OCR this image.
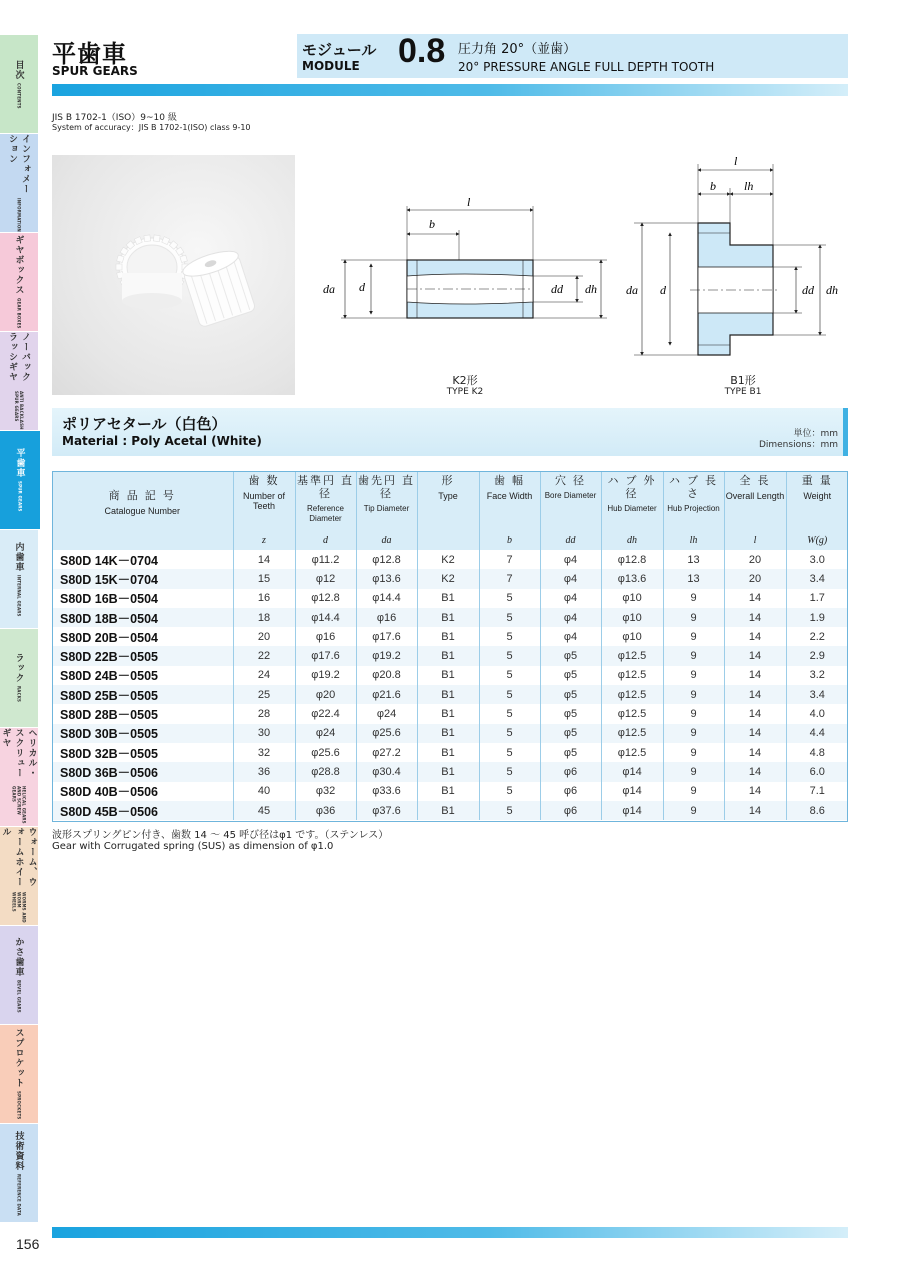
目次
CONTENTS
インフォメーション
INFORMATION
ギヤボックス
GEAR BOXES
ノーバックラッシギヤ
ANTI BACKLASH SPUR GEARS
平歯車
SPUR GEARS
内歯車
INTERNAL GEARS
ラック
RACKS
ヘリカル・スクリューギヤ
HELICAL GEARS AND SCREW GEARS
ウォーム、ウォームホイール
WORMS AND WORM WHEELS
かさ歯車
BEVEL GEARS
スプロケット
SPROCKETS
技術資料
REFERENCE DATA
平歯車
SPUR GEARS
モジュール
MODULE 0.8 圧力角 20°（並歯）
20° PRESSURE ANGLE FULL DEPTH TOOTH
JIS B 1702-1（ISO）9~10 級
System of accuracy：JIS B 1702-1(ISO) class 9-10
l
b
da d	dd dh
K2形
TYPE K2
l
b lh
da d	dd dh
B1形
TYPE B1
ポリアセタール（白色）
Material : Poly Acetal (White)	単位：mm
Dimensions：mm
商 品 記 号
Catalogue Number	歯 数
Number of Teeth	基準円 直 径
Reference Diameter	歯先円 直 径
Tip Diameter	形
Type	歯 幅
Face Width	穴 径
Bore Diameter	ハ ブ 外 径
Hub Diameter	ハ ブ 長 さ
Hub Projection	全 長
Overall Length	重 量
Weight

	z	d	da		b	dd	dh	lh	l	W(g)
S80D 14K－0704	14	φ11.2	φ12.8	K2	7	φ4	φ12.8	13	20	3.0
S80D 15K－0704	15	φ12	φ13.6	K2	7	φ4	φ13.6	13	20	3.4
S80D 16B－0504	16	φ12.8	φ14.4	B1	5	φ4	φ10	9	14	1.7
S80D 18B－0504	18	φ14.4	φ16	B1	5	φ4	φ10	9	14	1.9
S80D 20B－0504	20	φ16	φ17.6	B1	5	φ4	φ10	9	14	2.2
S80D 22B－0505	22	φ17.6	φ19.2	B1	5	φ5	φ12.5	9	14	2.9
S80D 24B－0505	24	φ19.2	φ20.8	B1	5	φ5	φ12.5	9	14	3.2
S80D 25B－0505	25	φ20	φ21.6	B1	5	φ5	φ12.5	9	14	3.4
S80D 28B－0505	28	φ22.4	φ24	B1	5	φ5	φ12.5	9	14	4.0
S80D 30B－0505	30	φ24	φ25.6	B1	5	φ5	φ12.5	9	14	4.4
S80D 32B－0505	32	φ25.6	φ27.2	B1	5	φ5	φ12.5	9	14	4.8
S80D 36B－0506	36	φ28.8	φ30.4	B1	5	φ6	φ14	9	14	6.0
S80D 40B－0506	40	φ32	φ33.6	B1	5	φ6	φ14	9	14	7.1
S80D 45B－0506	45	φ36	φ37.6	B1	5	φ6	φ14	9	14	8.6
波形スプリングピン付き、歯数 14 ～ 45 呼び径はφ1 です。（ステンレス）
Gear with Corrugated spring (SUS) as dimension of φ1.0
156
